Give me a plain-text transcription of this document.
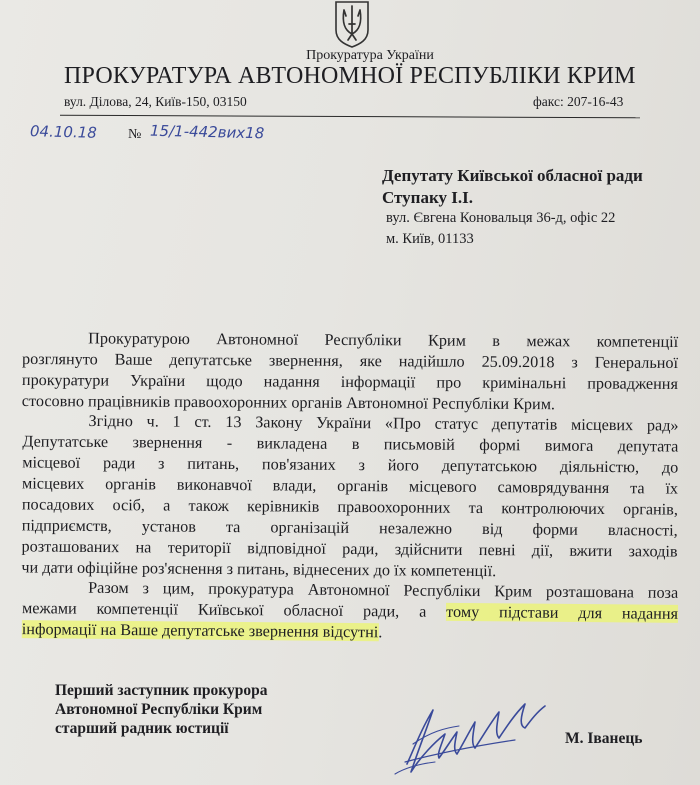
Прокуратура України
ПРОКУРАТУРА АВТОНОМНОЇ РЕСПУБЛІКИ КРИМ
вул. Ділова, 24, Київ-150, 03150	факс: 207-16-43
04.10.18 № 15/1-442вих18
Депутату Київської обласної ради
Ступаку І.І.
вул. Євгена Коновальця 36-д, офіс 22
м. Київ, 01133
Прокуратурою Автономної Республіки Крим в межах компетенції
розглянуто Ваше депутатське звернення, яке надійшло 25.09.2018 з Генеральної
прокуратури України щодо надання інформації про кримінальні провадження
стосовно працівників правоохоронних органів Автономної Республіки Крим.
Згідно ч. 1 ст. 13 Закону України «Про статус депутатів місцевих рад»
Депутатське звернення - викладена в письмовій формі вимога депутата
місцевої ради з питань, пов'язаних з його депутатською діяльністю, до
місцевих органів виконавчої влади, органів місцевого самоврядування та їх
посадових осіб, а також керівників правоохоронних та контролюючих органів,
підприємств, установ та організацій незалежно від форми власності,
розташованих на території відповідної ради, здійснити певні дії, вжити заходів
чи дати офіційне роз'яснення з питань, віднесених до їх компетенції.
Разом з цим, прокуратура Автономної Республіки Крим розташована поза
межами компетенції Київської обласної ради, а тому підстави для надання
інформації на Ваше депутатське звернення відсутні.
Перший заступник прокурора
Автономної Республіки Крим
старший радник юстиції
М. Іванець
